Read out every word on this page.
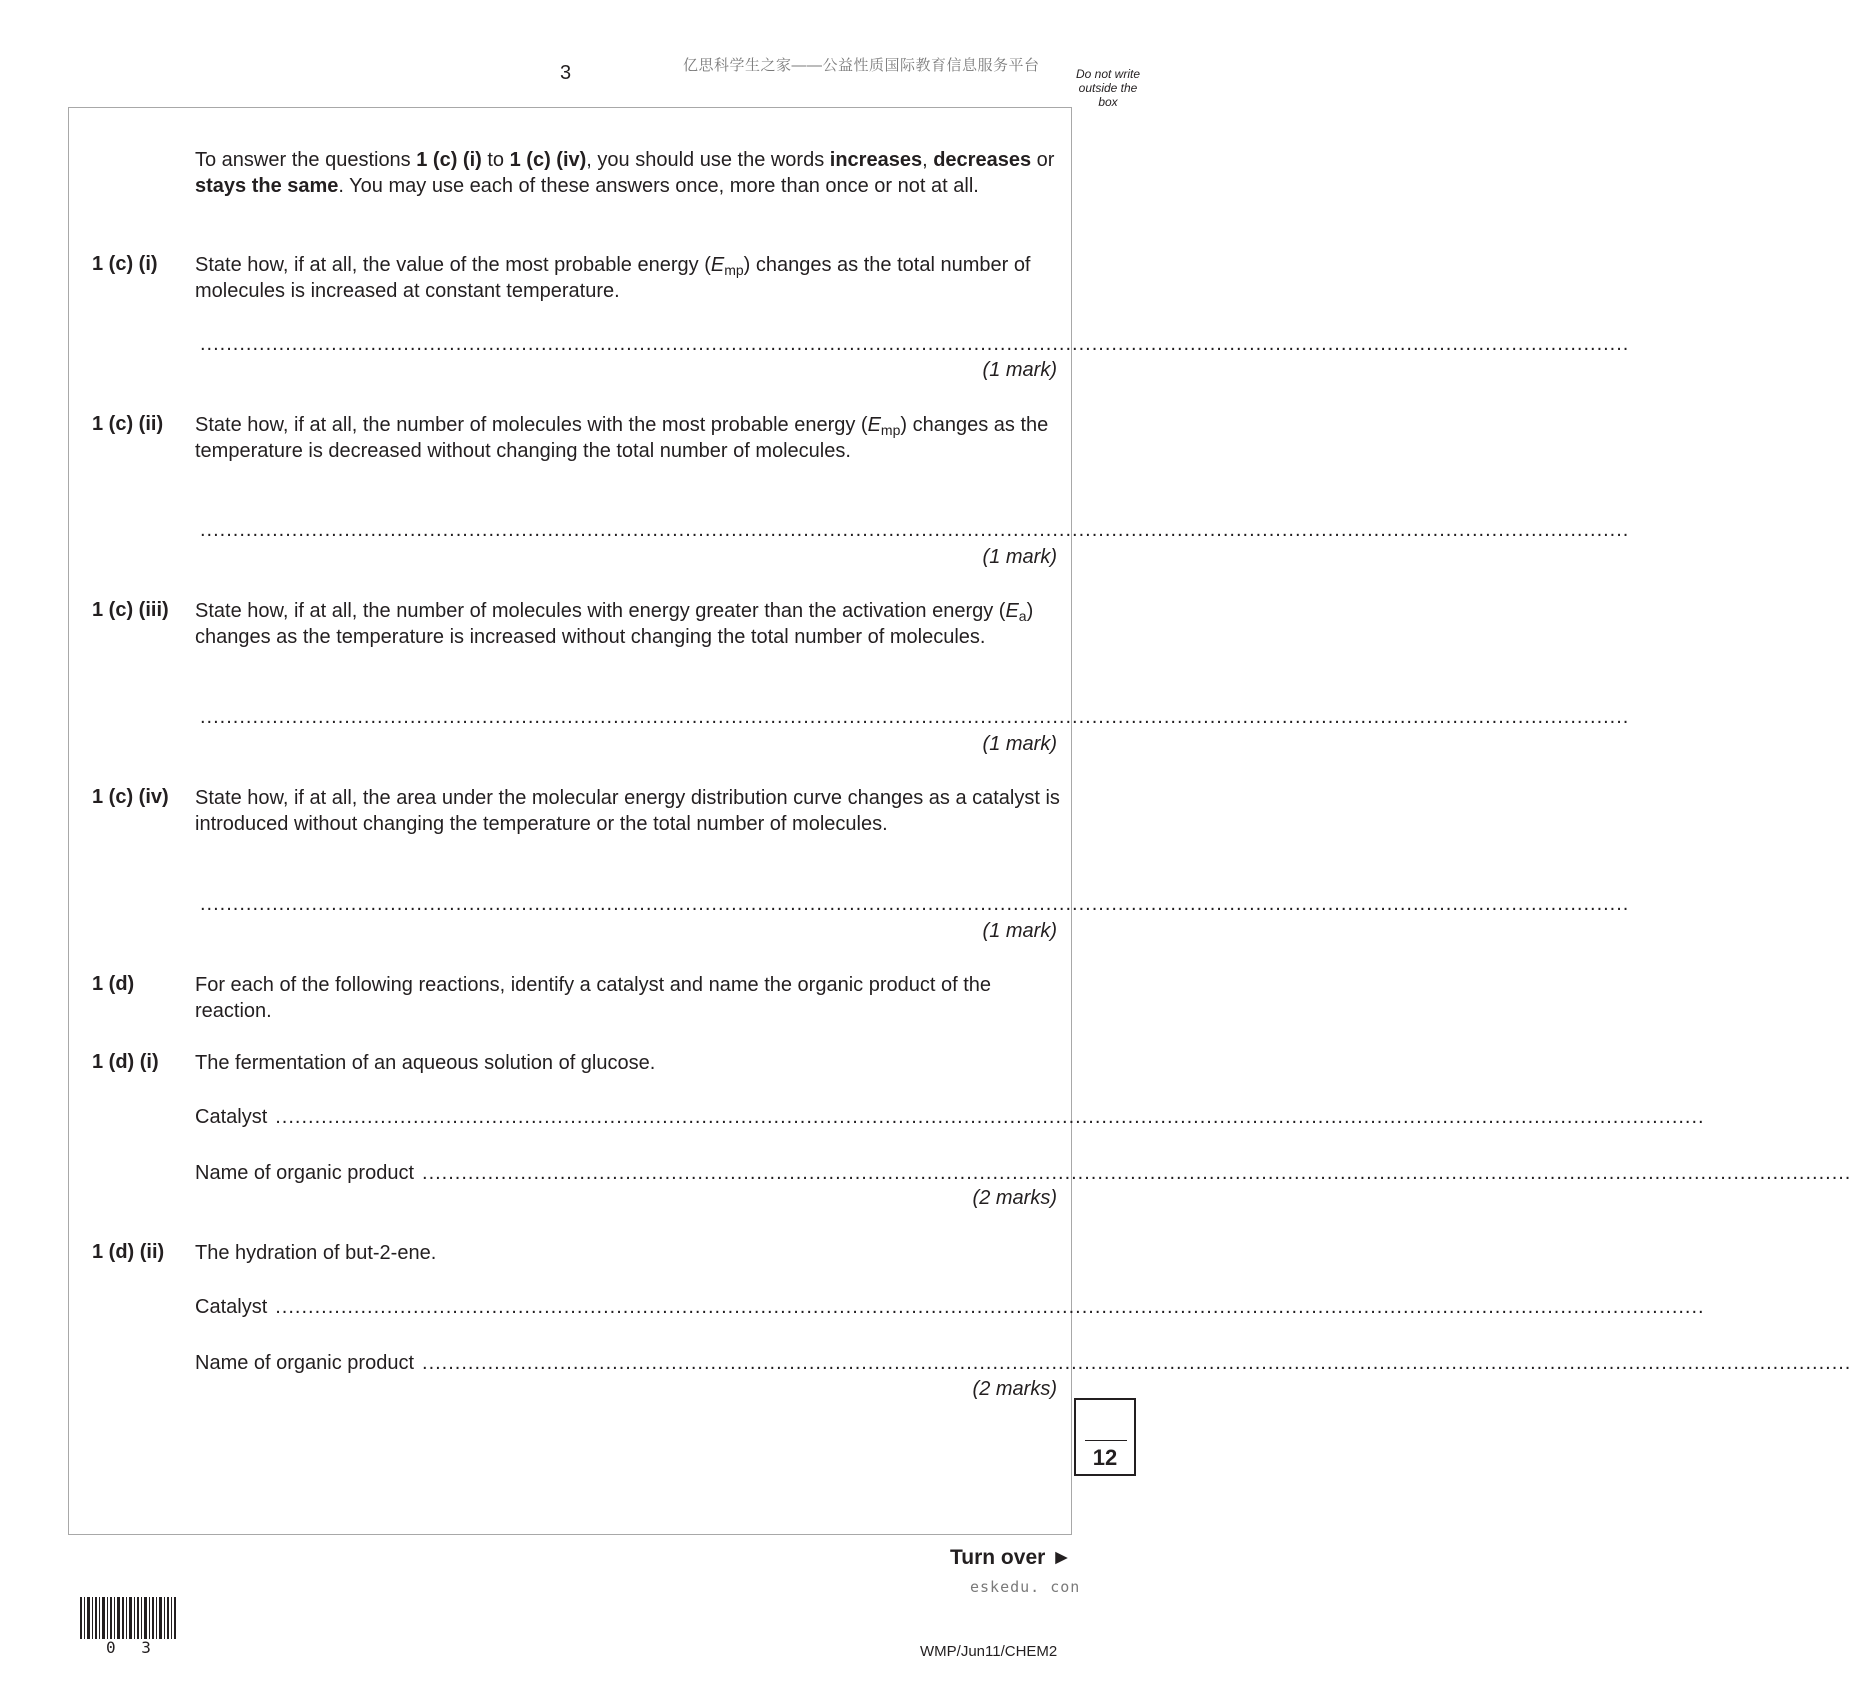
3	亿思科学生之家——公益性质国际教育信息服务平台	Do not write outside the box
To answer the questions 1 (c) (i) to 1 (c) (iv), you should use the words increases, decreases or stays the same. You may use each of these answers once, more than once or not at all.
1 (c) (i) State how, if at all, the value of the most probable energy $(E_{mp})$ changes as the total number of molecules is increased at constant temperature.
..........................................................................................................................................................................................................................
(1 mark)
1 (c) (ii) State how, if at all, the number of molecules with the most probable energy $(E_{mp})$ changes as the temperature is decreased without changing the total number of molecules.
..........................................................................................................................................................................................................................
(1 mark)
1 (c) (iii) State how, if at all, the number of molecules with energy greater than the activation energy $(E_a)$ changes as the temperature is increased without changing the total number of molecules.
..........................................................................................................................................................................................................................
(1 mark)
1 (c) (iv) State how, if at all, the area under the molecular energy distribution curve changes as a catalyst is introduced without changing the temperature or the total number of molecules.
..........................................................................................................................................................................................................................
(1 mark)
1 (d)	For each of the following reactions, identify a catalyst and name the organic product of the reaction.
1 (d) (i) The fermentation of an aqueous solution of glucose.
Catalyst ..........................................................................................................................................................................................................................
Name of organic product ..........................................................................................................................................................................................................................
(2 marks)
1 (d) (ii) The hydration of but-2-ene.
Catalyst ..........................................................................................................................................................................................................................
Name of organic product ..........................................................................................................................................................................................................................
(2 marks)
12
Turn over ►
eskedu. con
0 3	WMP/Jun11/CHEM2
